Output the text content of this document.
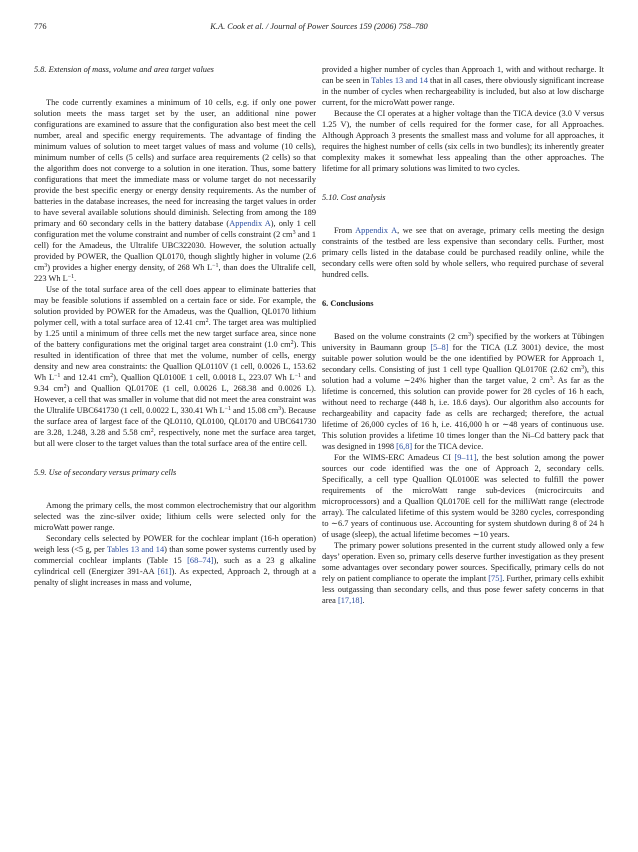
776	K.A. Cook et al. / Journal of Power Sources 159 (2006) 758–780
5.8. Extension of mass, volume and area target values

The code currently examines a minimum of 10 cells, e.g. if only one power solution meets the mass target set by the user, an additional nine power configurations are examined to assure that the configuration also best meet the cell number, areal and specific energy requirements. The advantage of finding the minimum values of solution to meet target values of mass and volume (10 cells), minimum number of cells (5 cells) and surface area requirements (2 cells) so that the algorithm does not converge to a solution in one iteration. Thus, some battery configurations that meet the immediate mass or volume target do not necessarily provide the best specific energy or energy density requirements. As the number of batteries in the database increases, the need for increasing the target values in order to have several available solutions should diminish. Selecting from among the 189 primary and 60 secondary cells in the battery database (Appendix A), only 1 cell configuration met the volume constraint and number of cells constraint (2 $cm^3$ and 1 cell) for the Amadeus, the Ultralife UBC322030. However, the solution actually provided by POWER, the Quallion QL0170, though slightly higher in volume (2.6 $cm^3$) provides a higher energy density, of 268 Wh $L^{-1}$, than does the Ultralife cell, 223 Wh $L^{-1}$.

Use of the total surface area of the cell does appear to eliminate batteries that may be feasible solutions if assembled on a certain face or side. For example, the solution provided by POWER for the Amadeus, was the Quallion, QL0170 lithium polymer cell, with a total surface area of 12.41 $cm^2$. The target area was multiplied by 1.25 until a minimum of three cells met the new target surface area, since none of the battery configurations met the original target area constraint (1.0 $cm^2$). This resulted in identification of three that met the volume, number of cells, energy density and new area constraints: the Quallion QL0110V (1 cell, 0.0026 L, 153.62 Wh $L^{-1}$ and 12.41 $cm^2$), Quallion QL0100E 1 cell, 0.0018 L, 223.07 Wh $L^{-1}$ and 9.34 $cm^2$) and Quallion QL0170E (1 cell, 0.0026 L, 268.38 and 0.0026 L). However, a cell that was smaller in volume that did not meet the area constraint was the Ultralife UBC641730 (1 cell, 0.0022 L, 330.41 Wh $L^{-1}$ and 15.08 $cm^3$). Because the surface area of largest face of the QL0110, QL0100, QL0170 and UBC641730 are 3.28, 1.248, 3.28 and 5.58 $cm^2$, respectively, none met the surface area target, but all were closer to the target values than the total surface area of the entire cell.

5.9. Use of secondary versus primary cells

Among the primary cells, the most common electrochemistry that our algorithm selected was the zinc-silver oxide; lithium cells were selected only for the microWatt power range.

Secondary cells selected by POWER for the cochlear implant (16-h operation) weigh less (<5 g, per Tables 13 and 14) than some power systems currently used by commercial cochlear implants (Table 15 [68–74]), such as a 23 g alkaline cylindrical cell (Energizer 391-AA [61]). As expected, Approach 2, through at a penalty of slight increases in mass and volume,

provided a higher number of cycles than Approach 1, with and without recharge. It can be seen in Tables 13 and 14 that in all cases, there obviously significant increase in the number of cycles when rechargeability is included, but also at low discharge current, for the microWatt power range.

Because the CI operates at a higher voltage than the TICA device (3.0 V versus 1.25 V), the number of cells required for the former case, for all Approaches. Although Approach 3 presents the smallest mass and volume for all approaches, it requires the highest number of cells (six cells in two bundles); its inherently greater complexity makes it somewhat less appealing than the other approaches. The lifetime for all primary solutions was limited to two cycles.

5.10. Cost analysis

From Appendix A, we see that on average, primary cells meeting the design constraints of the testbed are less expensive than secondary cells. Further, most primary cells listed in the database could be purchased readily online, while the secondary cells were often sold by whole sellers, who required purchase of several hundred cells.

6. Conclusions

Based on the volume constraints (2 $cm^3$) specified by the workers at Tübingen university in Baumann group [5–8] for the TICA (LZ 3001) device, the most suitable power solution would be the one identified by POWER for Approach 1, secondary cells. Consisting of just 1 cell type Quallion QL0170E (2.62 $cm^3$), this solution had a volume ∼24% higher than the target value, 2 $cm^3$. As far as the lifetime is concerned, this solution can provide power for 28 cycles of 16 h each, without need to recharge (448 h, i.e. 18.6 days). Our algorithm also accounts for rechargeability and capacity fade as cells are recharged; therefore, the actual lifetime of 26,000 cycles of 16 h, i.e. 416,000 h or ∼48 years of continuous use. This solution provides a lifetime 10 times longer than the Ni–Cd battery pack that was designed in 1998 [6,8] for the TICA device.

For the WIMS-ERC Amadeus CI [9–11], the best solution among the power sources our code identified was the one of Approach 2, secondary cells. Specifically, a cell type Quallion QL0100E was selected to fulfill the power requirements of the microWatt range sub-devices (microcircuits and microprocessors) and a Quallion QL0170E cell for the milliWatt range (electrode array). The calculated lifetime of this system would be 3280 cycles, corresponding to ∼6.7 years of continuous use. Accounting for system shutdown during 8 of 24 h of usage (sleep), the actual lifetime becomes ∼10 years.

The primary power solutions presented in the current study allowed only a few days’ operation. Even so, primary cells deserve further investigation as they present some advantages over secondary power sources. Specifically, primary cells do not rely on patient compliance to operate the implant [75]. Further, primary cells exhibit less outgassing than secondary cells, and thus pose fewer safety concerns in that area [17,18].
